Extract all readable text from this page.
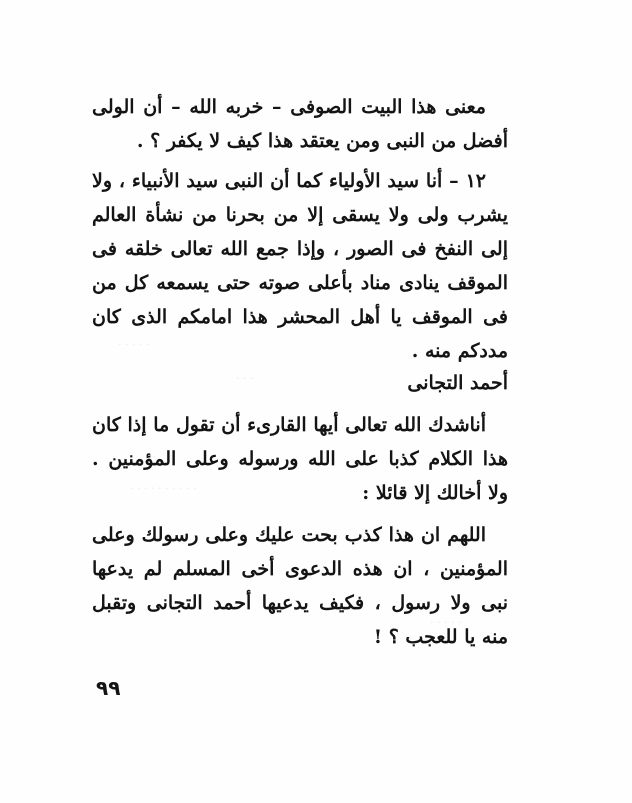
· · · · ·
· · ·
· · · · · · · · · ·
· · · · ·

معنى هذا البيت الصوفى – خربه الله – أن الولى أفضل من النبى ومن يعتقد هذا كيف لا يكفر ؟ .

١٢ – أنا سيد الأولياء كما أن النبى سيد الأنبياء ، ولا يشرب ولى ولا يسقى إلا من بحرنا من نشأة العالم إلى النفخ فى الصور ، وإذا جمع الله تعالى خلقه فى الموقف ينادى مناد بأعلى صوته حتى يسمعه كل من فى الموقف يا أهل المحشر هذا امامكم الذى كان مددكم منه .

أحمد التجانى

أناشدك الله تعالى أيها القارىء أن تقول ما إذا كان هذا الكلام كذبا على الله ورسوله وعلى المؤمنين . ولا أخالك إلا قائلا :

اللهم ان هذا كذب بحت عليك وعلى رسولك وعلى المؤمنين ، ان هذه الدعوى أخى المسلم لم يدعها نبى ولا رسول ، فكيف يدعيها أحمد التجانى وتقبل منه يا للعجب ؟ !

٩٩
